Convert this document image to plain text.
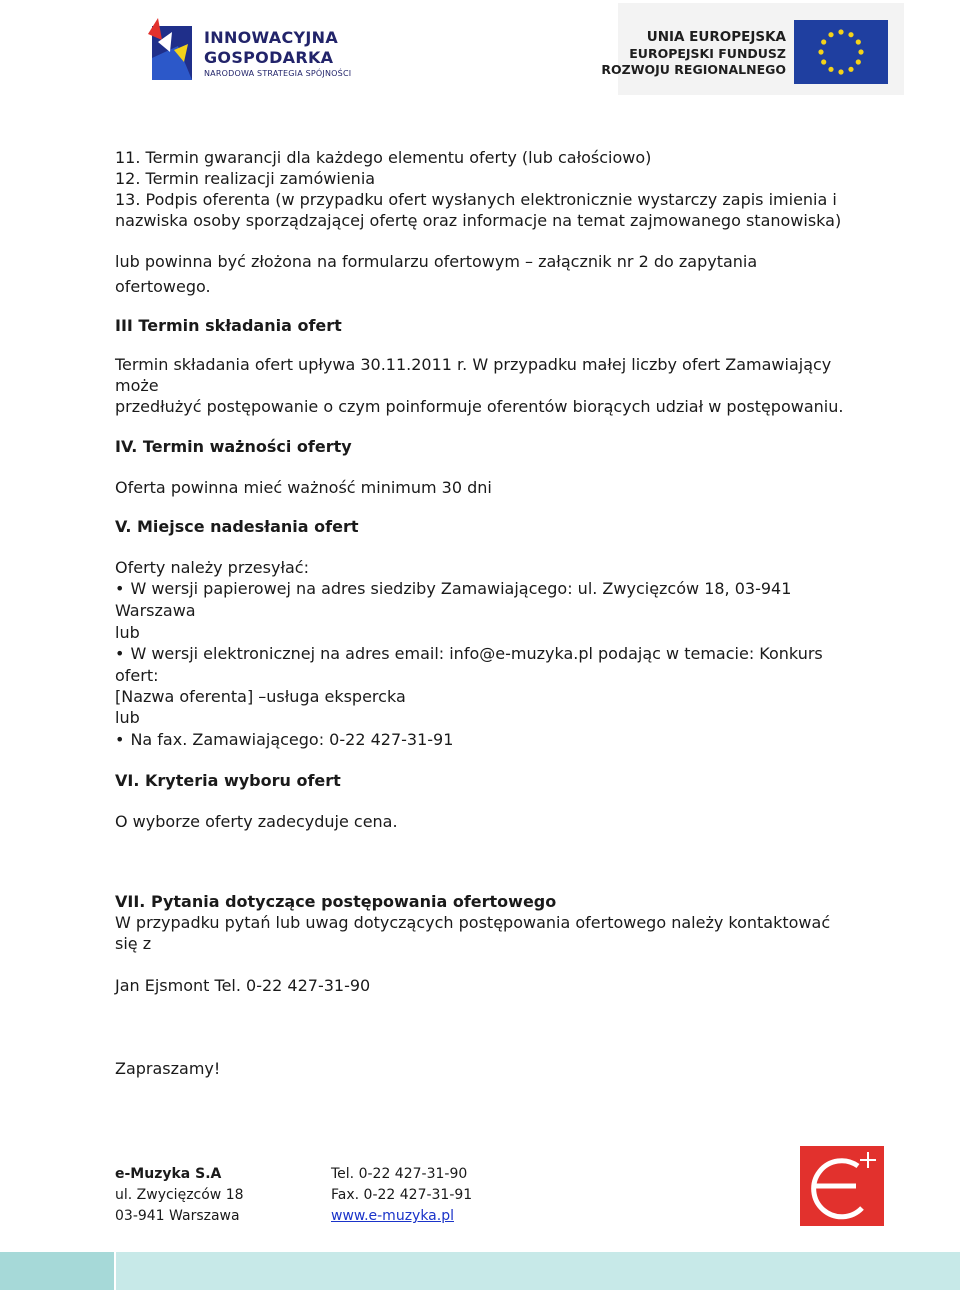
INNOWACYJNA
GOSPODARKA
NARODOWA STRATEGIA SPÓJNOŚCI
UNIA EUROPEJSKA
EUROPEJSKI FUNDUSZ
ROZWOJU REGIONALNEGO
11. Termin gwarancji dla każdego elementu oferty (lub całościowo)
12. Termin realizacji zamówienia
13. Podpis oferenta (w przypadku ofert wysłanych elektronicznie wystarczy zapis imienia i
nazwiska osoby sporządzającej ofertę oraz informacje na temat zajmowanego stanowiska)
lub powinna być złożona na formularzu ofertowym – załącznik nr 2 do zapytania
ofertowego.
III Termin składania ofert
Termin składania ofert upływa 30.11.2011 r. W przypadku małej liczby ofert Zamawiający
może
przedłużyć postępowanie o czym poinformuje oferentów biorących udział w postępowaniu.
IV. Termin ważności oferty
Oferta powinna mieć ważność minimum 30 dni
V. Miejsce nadesłania ofert
Oferty należy przesyłać:
• W wersji papierowej na adres siedziby Zamawiającego: ul. Zwycięzców 18, 03-941
Warszawa
lub
• W wersji elektronicznej na adres email: info@e-muzyka.pl podając w temacie: Konkurs
ofert:
[Nazwa oferenta] –usługa ekspercka
lub
• Na fax. Zamawiającego: 0-22 427-31-91
VI. Kryteria wyboru ofert
O wyborze oferty zadecyduje cena.
VII. Pytania dotyczące postępowania ofertowego
W przypadku pytań lub uwag dotyczących postępowania ofertowego należy kontaktować
się z
Jan Ejsmont Tel. 0-22 427-31-90
Zapraszamy!
e-Muzyka S.A
ul. Zwycięzców 18
03-941 Warszawa
Tel. 0-22 427-31-90
Fax. 0-22 427-31-91
www.e-muzyka.pl
